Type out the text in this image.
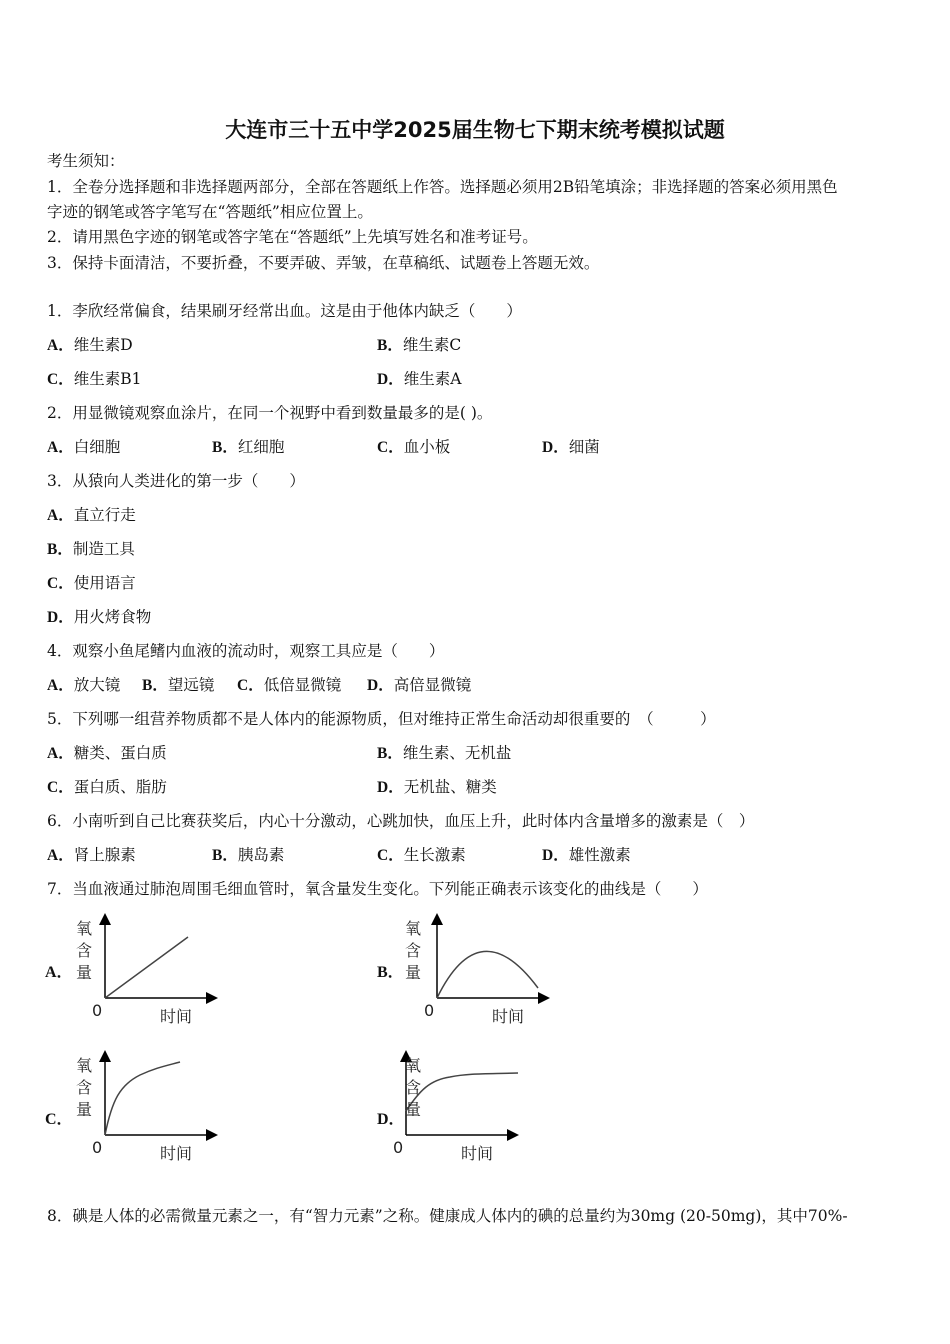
大连市三十五中学2025届生物七下期末统考模拟试题
考生须知：
1．全卷分选择题和非选择题两部分，全部在答题纸上作答。选择题必须用2B铅笔填涂；非选择题的答案必须用黑色
字迹的钢笔或答字笔写在“答题纸”相应位置上。
2．请用黑色字迹的钢笔或答字笔在“答题纸”上先填写姓名和准考证号。
3．保持卡面清洁，不要折叠，不要弄破、弄皱，在草稿纸、试题卷上答题无效。
1．李欣经常偏食，结果刷牙经常出血。这是由于他体内缺乏（　　）
2．用显微镜观察血涂片，在同一个视野中看到数量最多的是( )。
3．从猿向人类进化的第一步（　　）
4．观察小鱼尾鳍内血液的流动时，观察工具应是（　　）
5．下列哪一组营养物质都不是人体内的能源物质，但对维持正常生命活动却很重要的　（　　　）
6．小南听到自己比赛获奖后，内心十分激动，心跳加快，血压上升，此时体内含量增多的激素是（　）
7．当血液通过肺泡周围毛细血管时，氧含量发生变化。下列能正确表示该变化的曲线是（　　）
8．碘是人体的必需微量元素之一，有“智力元素”之称。健康成人体内的碘的总量约为30mg (20-50mg)，其中70%-
A．维生素D	B．维生素C
C．维生素B1	D．维生素A
A．白细胞	B．红细胞	C．血小板	D．细菌
A．直立行走
B．制造工具
C．使用语言
D．用火烤食物
A．放大镜 B．望远镜 C．低倍显微镜 D．高倍显微镜
A．糖类、蛋白质	B．维生素、无机盐
C．蛋白质、脂肪	D．无机盐、糖类
A．肾上腺素	B．胰岛素	C．生长激素	D．雄性激素
A．
氧
含
量
0	时间
B．
氧
含
量
0	时间
C．
氧
含
量
0	时间
D．
氧
含
量
0	时间
